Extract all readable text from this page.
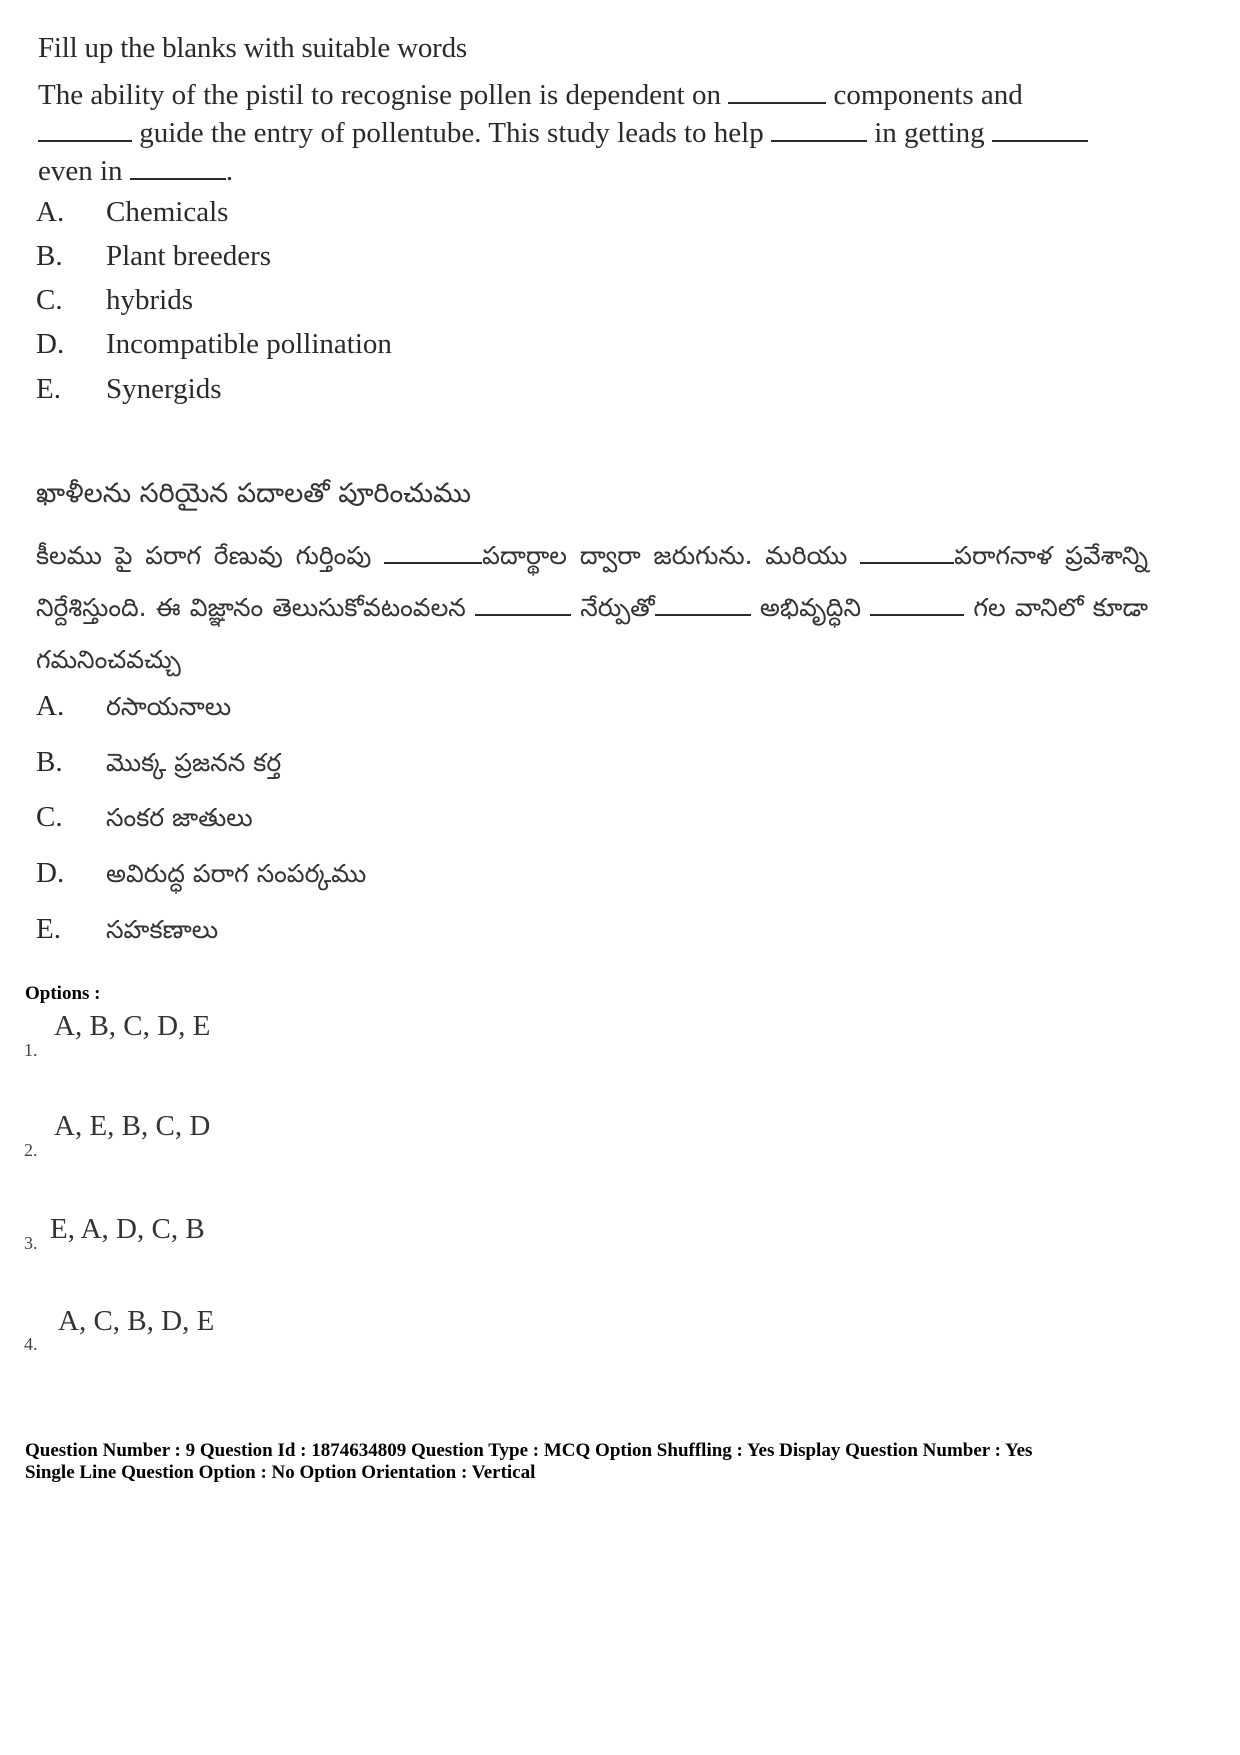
Fill up the blanks with suitable words
The ability of the pistil to recognise pollen is dependent on	components and
guide the entry of pollentube. This study leads to help	in getting
even in	.
A. Chemicals
B. Plant breeders
C. hybrids
D. Incompatible pollination
E. Synergids
ఖాళీలను సరియైన పదాలతో పూరించుము
కీలము పై పరాగ రేణువు గుర్తింపు	పదార్థాల ద్వారా జరుగును. మరియు	పరాగనాళ ప్రవేశాన్ని నిర్దేశిస్తుంది. ఈ విజ్ఞానం తెలుసుకోవటంవలన	నేర్పుతో	అభివృద్ధిని	గల వానిలో కూడా గమనించవచ్చు
A. రసాయనాలు
B. మొక్క ప్రజనన కర్త
C. సంకర జాతులు
D. అవిరుద్ధ పరాగ సంపర్కము
E. సహకణాలు
Options :
1.
A, B, C, D, E
2.
A, E, B, C, D
3. E, A, D, C, B
4.
A, C, B, D, E
Question Number : 9 Question Id : 1874634809 Question Type : MCQ Option Shuffling : Yes Display Question Number : Yes
Single Line Question Option : No Option Orientation : Vertical
